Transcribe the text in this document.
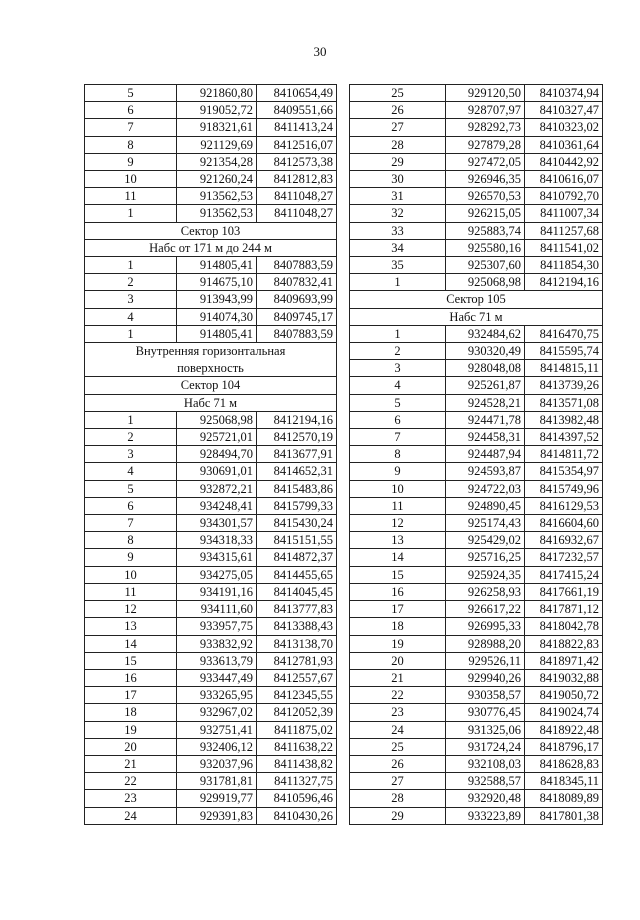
30
5	921860,80	8410654,49
6	919052,72	8409551,66
7	918321,61	8411413,24
8	921129,69	8412516,07
9	921354,28	8412573,38
10	921260,24	8412812,83
11	913562,53	8411048,27
1	913562,53	8411048,27
Сектор 103		
Набс от 171 м до 244 м		
1	914805,41	8407883,59
2	914675,10	8407832,41
3	913943,99	8409693,99
4	914074,30	8409745,17
1	914805,41	8407883,59
Внутренняя горизонтальная		
поверхность		
Сектор 104		
Набс 71 м		
1	925068,98	8412194,16
2	925721,01	8412570,19
3	928494,70	8413677,91
4	930691,01	8414652,31
5	932872,21	8415483,86
6	934248,41	8415799,33
7	934301,57	8415430,24
8	934318,33	8415151,55
9	934315,61	8414872,37
10	934275,05	8414455,65
11	934191,16	8414045,45
12	934111,60	8413777,83
13	933957,75	8413388,43
14	933832,92	8413138,70
15	933613,79	8412781,93
16	933447,49	8412557,67
17	933265,95	8412345,55
18	932967,02	8412052,39
19	932751,41	8411875,02
20	932406,12	8411638,22
21	932037,96	8411438,82
22	931781,81	8411327,75
23	929919,77	8410596,46
24	929391,83	8410430,26
25	929120,50	8410374,94
26	928707,97	8410327,47
27	928292,73	8410323,02
28	927879,28	8410361,64
29	927472,05	8410442,92
30	926946,35	8410616,07
31	926570,53	8410792,70
32	926215,05	8411007,34
33	925883,74	8411257,68
34	925580,16	8411541,02
35	925307,60	8411854,30
1	925068,98	8412194,16
Сектор 105		
Набс 71 м		
1	932484,62	8416470,75
2	930320,49	8415595,74
3	928048,08	8414815,11
4	925261,87	8413739,26
5	924528,21	8413571,08
6	924471,78	8413982,48
7	924458,31	8414397,52
8	924487,94	8414811,72
9	924593,87	8415354,97
10	924722,03	8415749,96
11	924890,45	8416129,53
12	925174,43	8416604,60
13	925429,02	8416932,67
14	925716,25	8417232,57
15	925924,35	8417415,24
16	926258,93	8417661,19
17	926617,22	8417871,12
18	926995,33	8418042,78
19	928988,20	8418822,83
20	929526,11	8418971,42
21	929940,26	8419032,88
22	930358,57	8419050,72
23	930776,45	8419024,74
24	931325,06	8418922,48
25	931724,24	8418796,17
26	932108,03	8418628,83
27	932588,57	8418345,11
28	932920,48	8418089,89
29	933223,89	8417801,38
